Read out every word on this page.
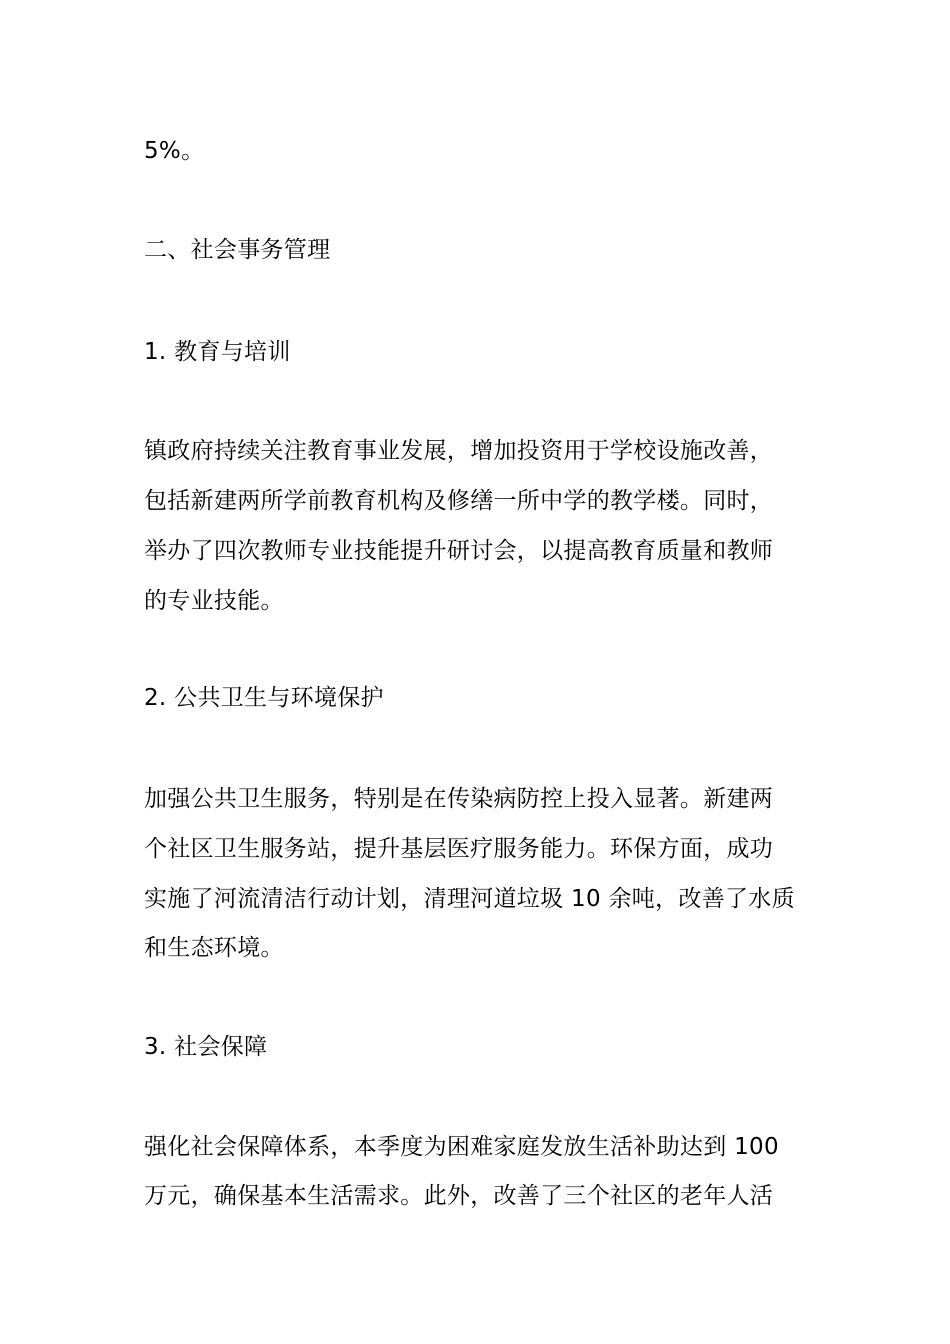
5%。
二、社会事务管理
1. 教育与培训
镇政府持续关注教育事业发展，增加投资用于学校设施改善，
包括新建两所学前教育机构及修缮一所中学的教学楼。同时，
举办了四次教师专业技能提升研讨会，以提高教育质量和教师
的专业技能。
2. 公共卫生与环境保护
加强公共卫生服务，特别是在传染病防控上投入显著。新建两
个社区卫生服务站，提升基层医疗服务能力。环保方面，成功
实施了河流清洁行动计划，清理河道垃圾 10 余吨，改善了水质
和生态环境。
3. 社会保障
强化社会保障体系，本季度为困难家庭发放生活补助达到 100
万元，确保基本生活需求。此外，改善了三个社区的老年人活
